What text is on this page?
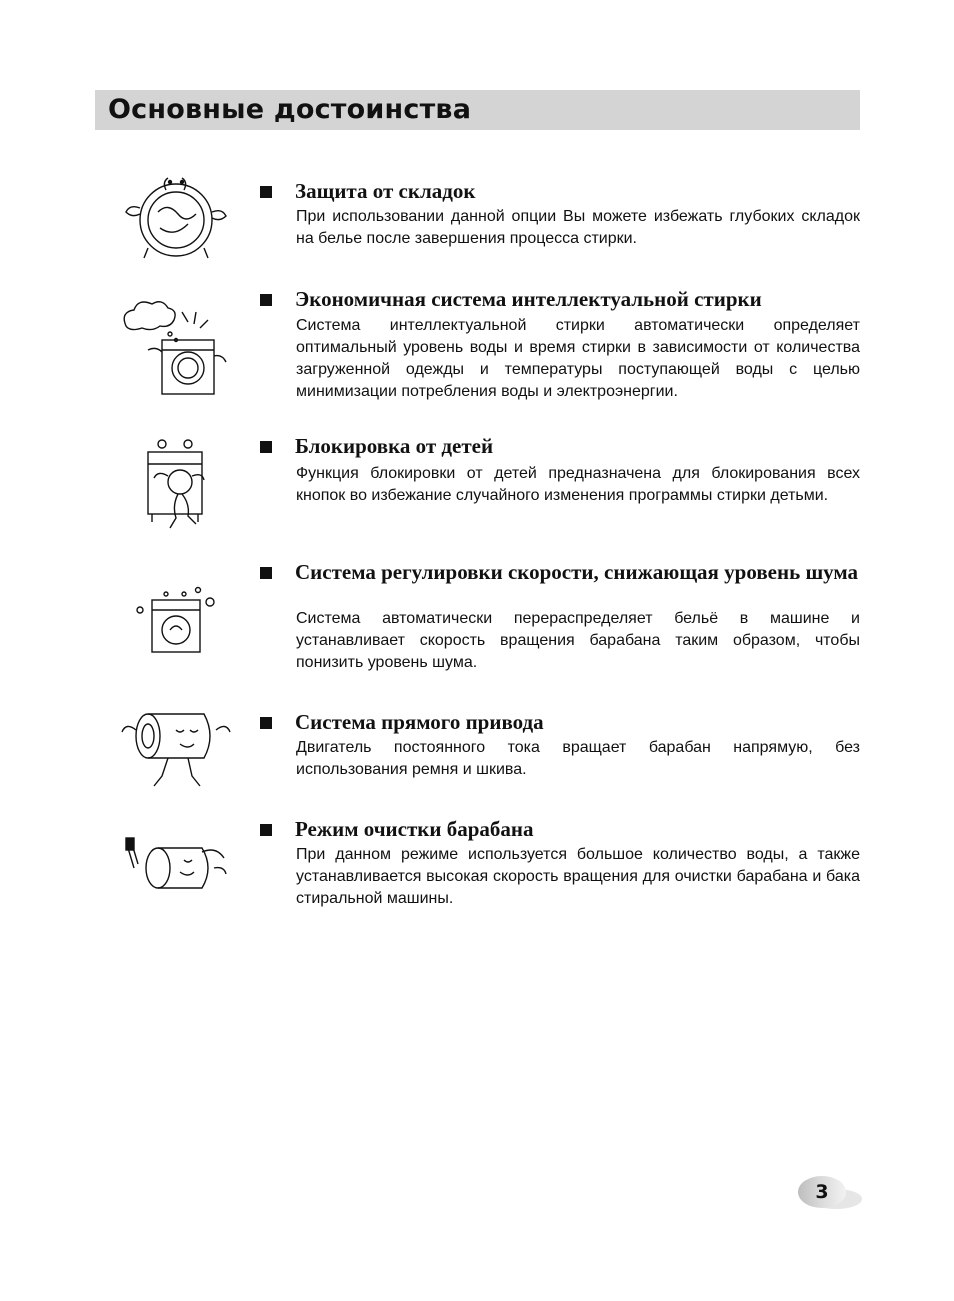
Основные достоинства
Защита от складок

При использовании данной опции Вы можете избежать глубоких складок на белье после завершения процесса стирки.

Экономичная система интеллектуальной стирки

Система интеллектуальной стирки автоматически определяет оптимальный уровень воды и время стирки в зависимости от количества загруженной одежды и температуры поступающей воды с целью минимизации потребления воды и электроэнергии.

Блокировка от детей

Функция блокировки от детей предназначена для блокирования всех кнопок во избежание случайного изменения программы стирки детьми.

Система регулировки скорости, снижающая уровень шума

Система автоматически перераспределяет бельё в машине и устанавливает скорость вращения барабана таким образом, чтобы понизить уровень шума.

Система прямого привода

Двигатель постоянного тока вращает барабан напрямую, без использования ремня и шкива.

Режим очистки барабана

При данном режиме используется большое количество воды, а также устанавливается высокая скорость вращения для очистки барабана и бака стиральной машины.

3
